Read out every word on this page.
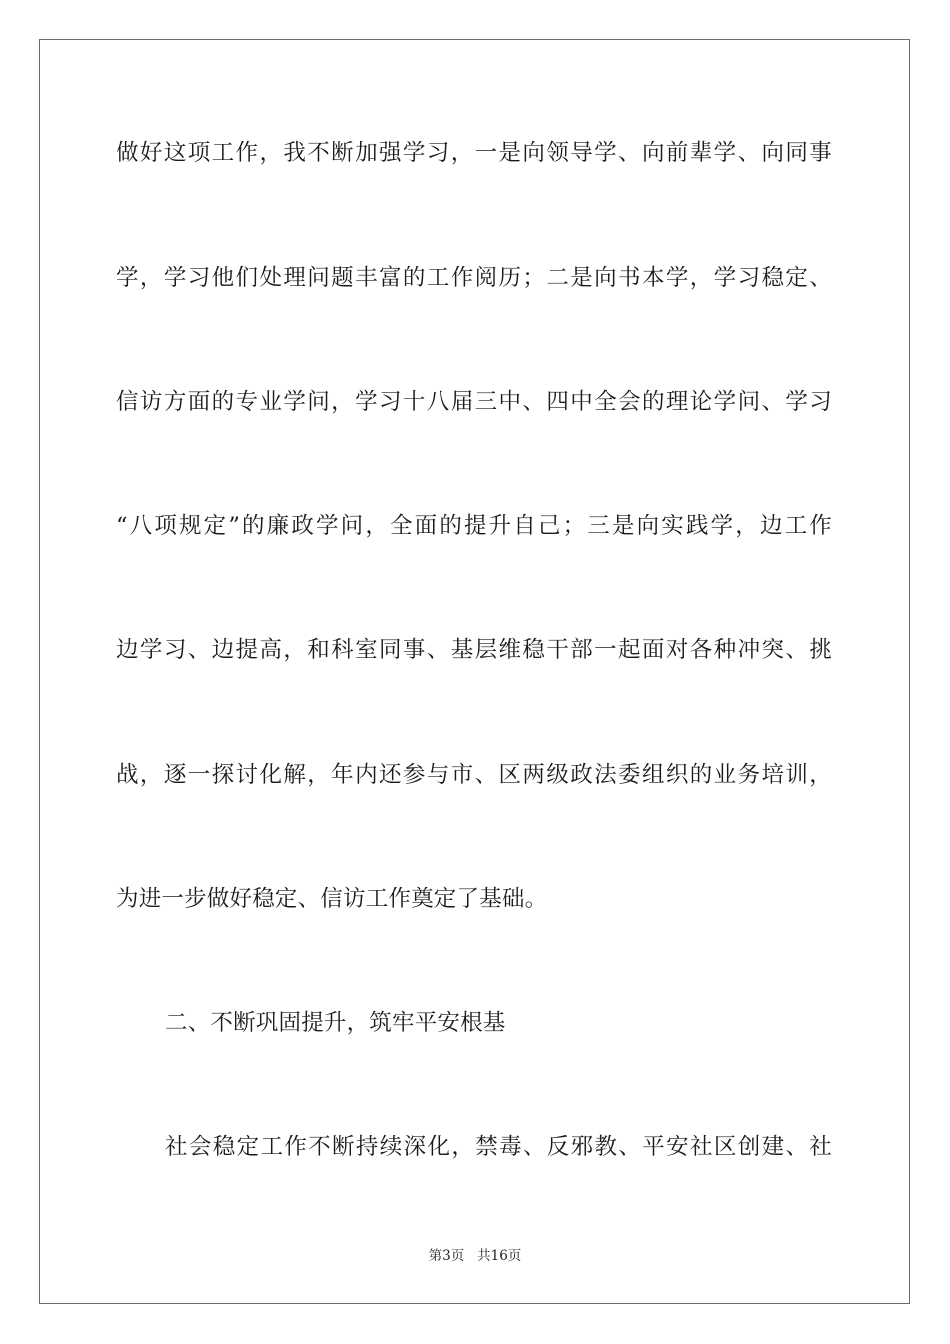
做好这项工作，我不断加强学习，一是向领导学、向前辈学、向同事
学，学习他们处理问题丰富的工作阅历；二是向书本学，学习稳定、
信访方面的专业学问，学习十八届三中、四中全会的理论学问、学习
“八项规定”的廉政学问，全面的提升自己；三是向实践学，边工作
边学习、边提高，和科室同事、基层维稳干部一起面对各种冲突、挑
战，逐一探讨化解，年内还参与市、区两级政法委组织的业务培训，
为进一步做好稳定、信访工作奠定了基础。
二、不断巩固提升，筑牢平安根基
社会稳定工作不断持续深化，禁毒、反邪教、平安社区创建、社
第3页 共16页
